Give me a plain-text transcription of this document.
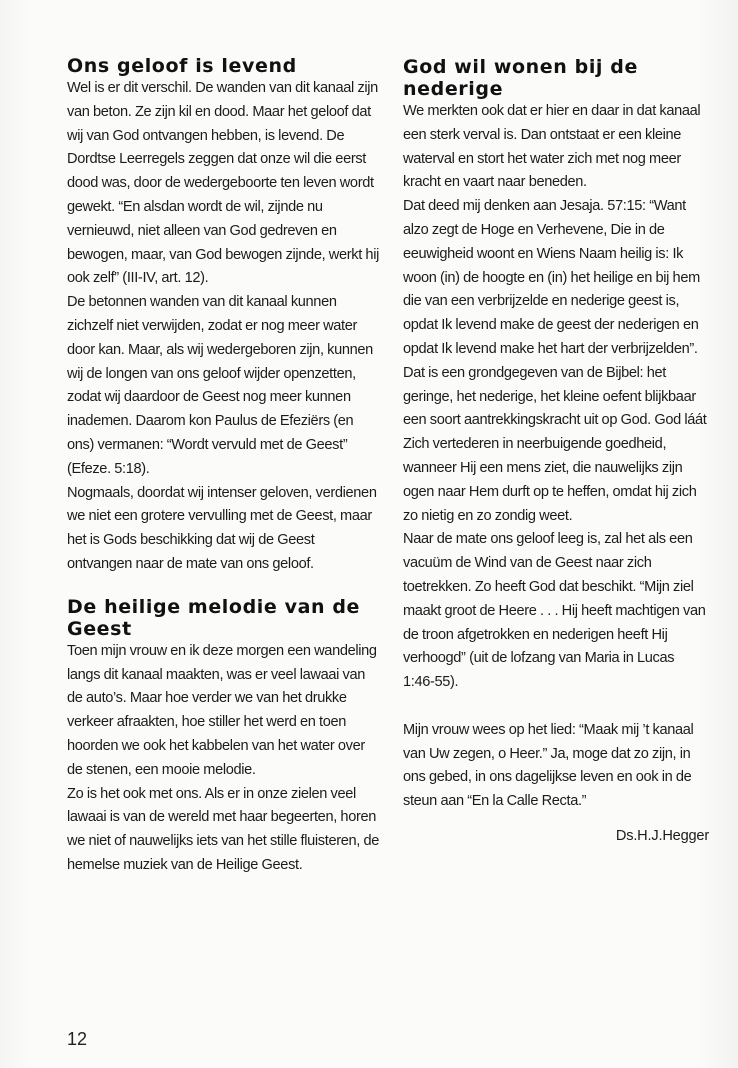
Ons geloof is levend

Wel is er dit verschil. De wanden van dit kanaal zijn van beton. Ze zijn kil en dood. Maar het geloof dat wij van God ontvangen hebben, is levend. De Dordtse Leerregels zeggen dat onze wil die eerst dood was, door de wedergeboorte ten leven wordt gewekt. “En alsdan wordt de wil, zijnde nu vernieuwd, niet alleen van God gedreven en bewogen, maar, van God bewogen zijnde, werkt hij ook zelf” (III-IV, art. 12).

De betonnen wanden van dit kanaal kunnen zichzelf niet verwijden, zodat er nog meer water door kan. Maar, als wij wedergeboren zijn, kunnen wij de longen van ons geloof wijder openzetten, zodat wij daardoor de Geest nog meer kunnen inademen. Daarom kon Paulus de Efeziërs (en ons) vermanen: “Wordt vervuld met de Geest” (Efeze. 5:18).

Nogmaals, doordat wij intenser geloven, verdienen we niet een grotere vervulling met de Geest, maar het is Gods beschikking dat wij de Geest ontvangen naar de mate van ons geloof.

De heilige melodie van de Geest

Toen mijn vrouw en ik deze morgen een wandeling langs dit kanaal maakten, was er veel lawaai van de auto’s. Maar hoe verder we van het drukke verkeer afraakten, hoe stiller het werd en toen hoorden we ook het kabbelen van het water over de stenen, een mooie melodie.

Zo is het ook met ons. Als er in onze zielen veel lawaai is van de wereld met haar begeerten, horen we niet of nauwelijks iets van het stille fluisteren, de hemelse muziek van de Heilige Geest.

God wil wonen bij de nederige

We merkten ook dat er hier en daar in dat kanaal een sterk verval is. Dan ontstaat er een kleine waterval en stort het water zich met nog meer kracht en vaart naar beneden.

Dat deed mij denken aan Jesaja. 57:15: “Want alzo zegt de Hoge en Verhevene, Die in de eeuwigheid woont en Wiens Naam heilig is: Ik woon (in) de hoogte en (in) het heilige en bij hem die van een verbrijzelde en nederige geest is, opdat Ik levend make de geest der nederigen en opdat Ik levend make het hart der verbrijzelden”.

Dat is een grondgegeven van de Bijbel: het geringe, het nederige, het kleine oefent blijkbaar een soort aantrekkingskracht uit op God. God láát Zich vertederen in neerbuigende goedheid, wanneer Hij een mens ziet, die nauwelijks zijn ogen naar Hem durft op te heffen, omdat hij zich zo nietig en zo zondig weet.

Naar de mate ons geloof leeg is, zal het als een vacuüm de Wind van de Geest naar zich toetrekken. Zo heeft God dat beschikt. “Mijn ziel maakt groot de Heere . . . Hij heeft machtigen van de troon afgetrokken en nederigen heeft Hij verhoogd” (uit de lofzang van Maria in Lucas 1:46-55).

Mijn vrouw wees op het lied: “Maak mij ’t kanaal van Uw zegen, o Heer.” Ja, moge dat zo zijn, in ons gebed, in ons dagelijkse leven en ook in de steun aan “En la Calle Recta.”

Ds.H.J.Hegger
12
